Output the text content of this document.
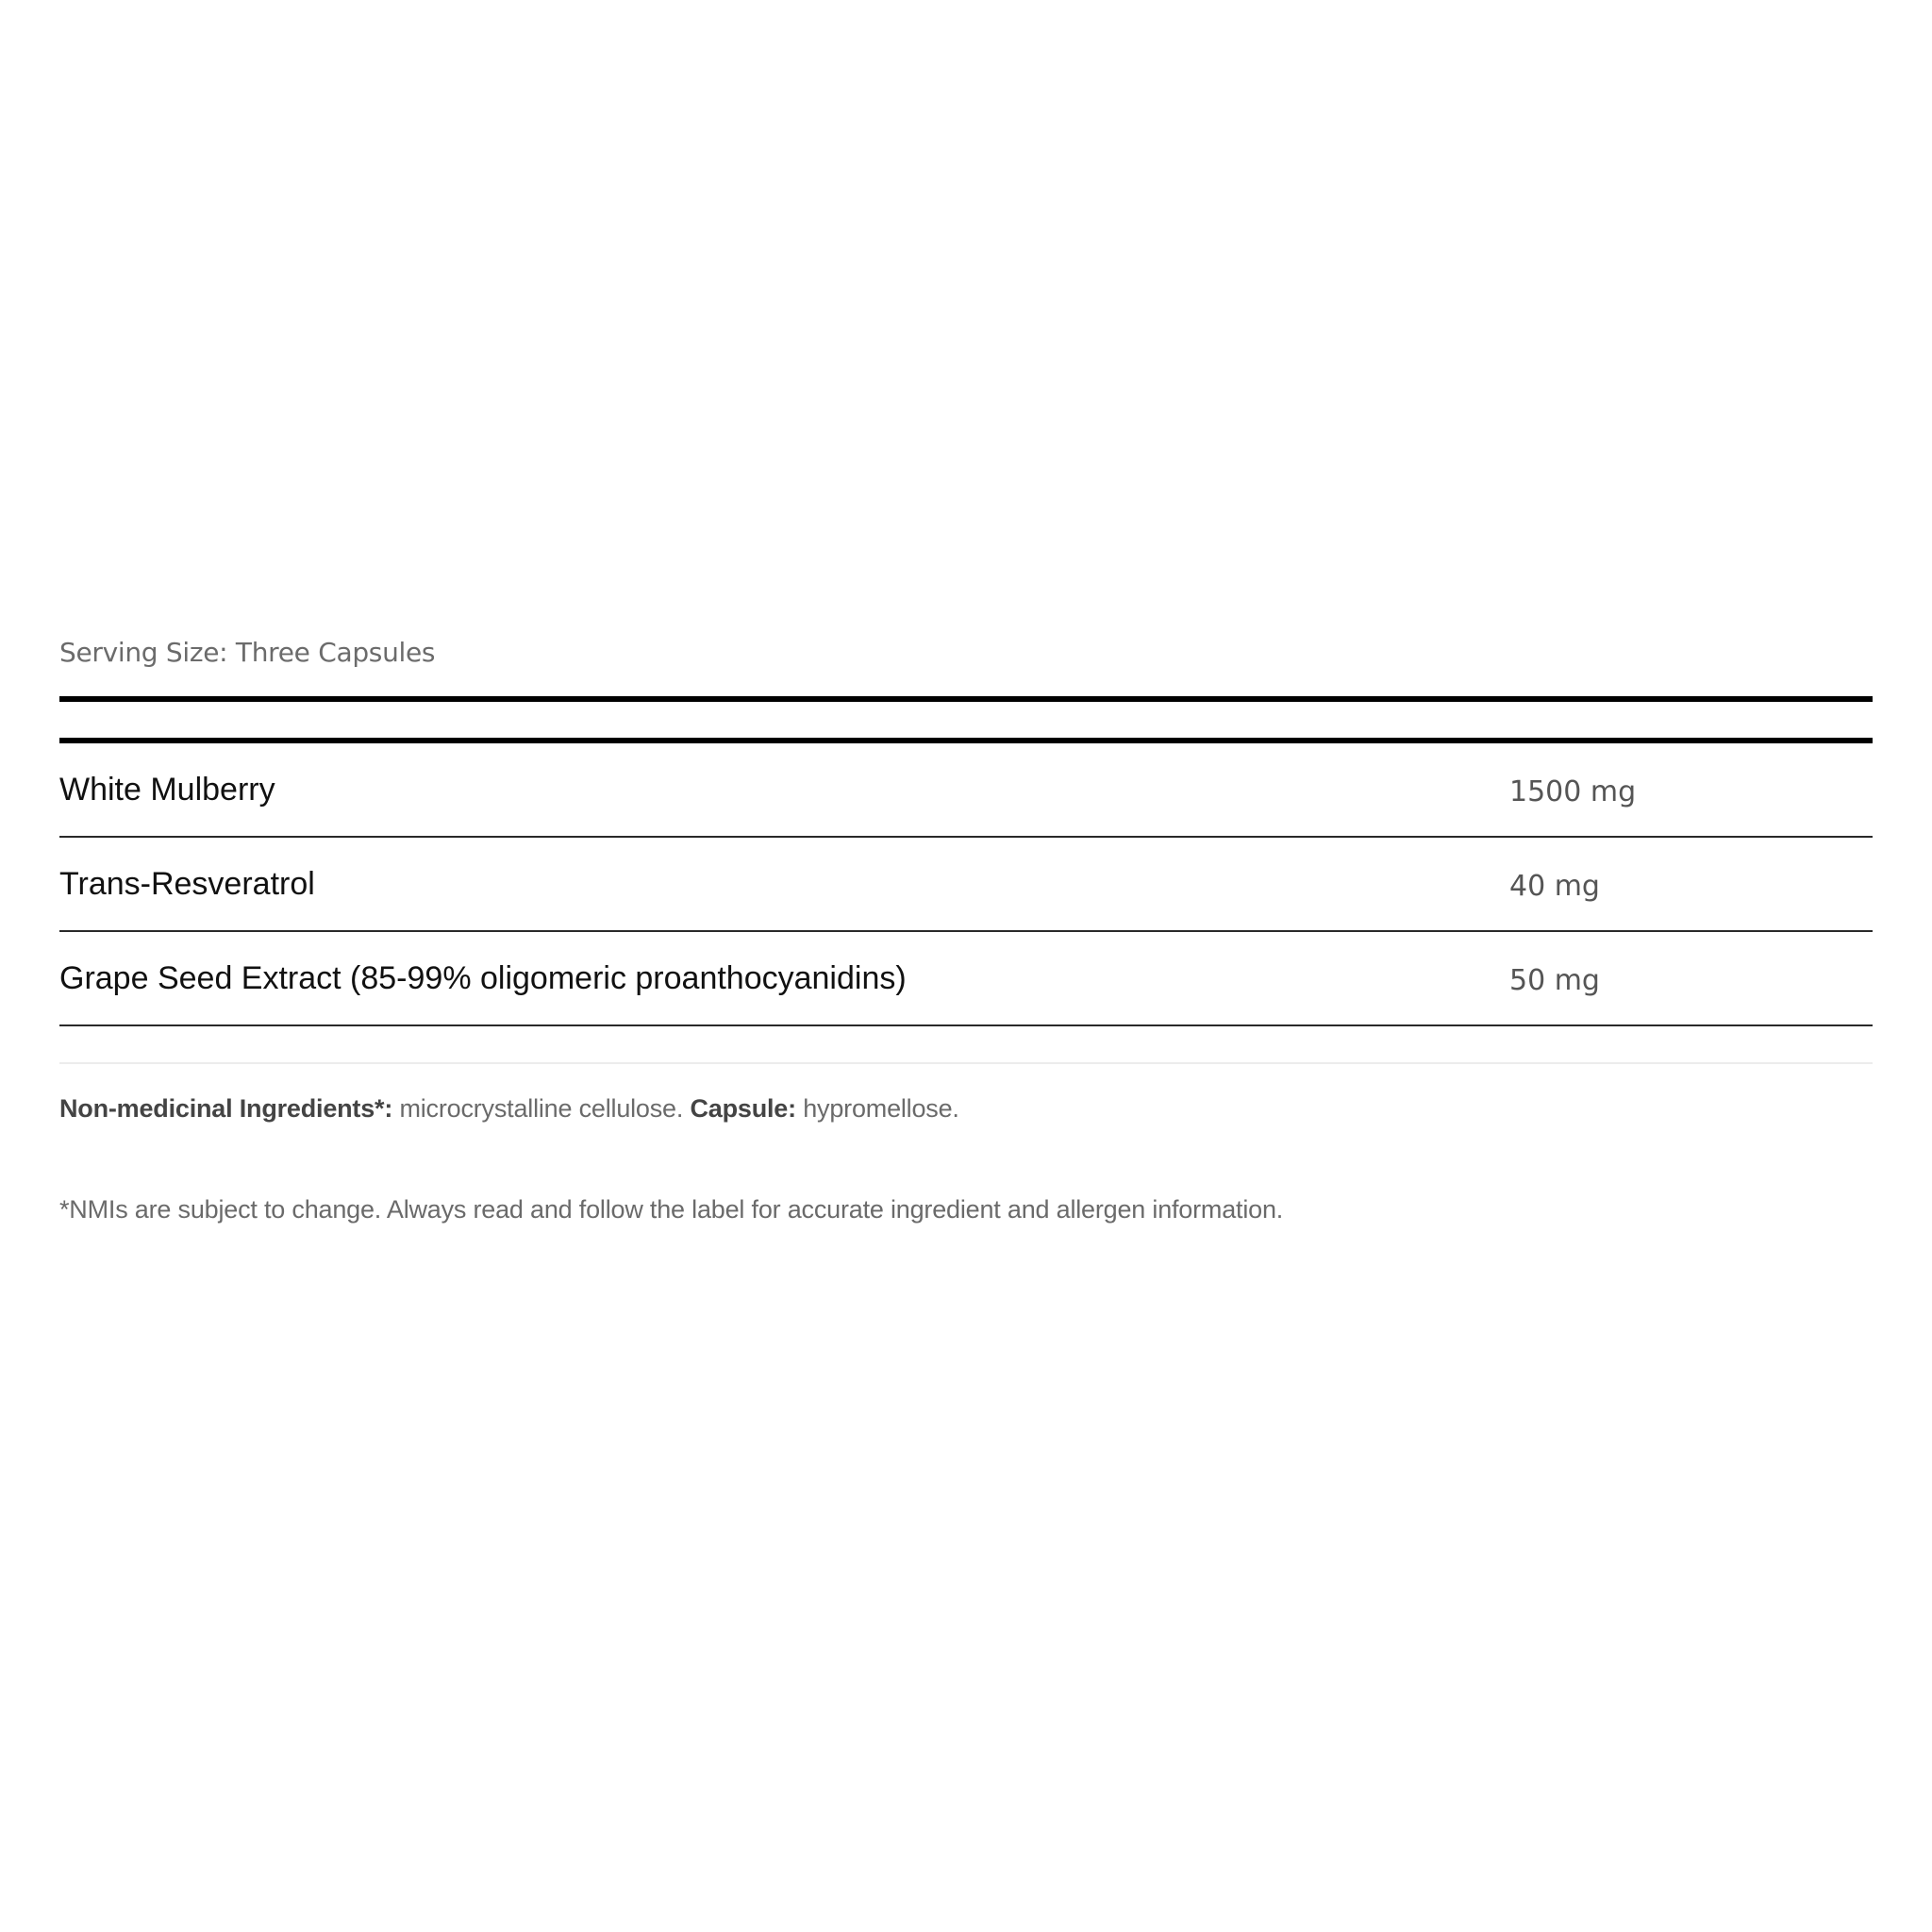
Serving Size: Three Capsules
White Mulberry	1500 mg
Trans-Resveratrol	40 mg
Grape Seed Extract (85-99% oligomeric proanthocyanidins)	50 mg
Non-medicinal Ingredients*: microcrystalline cellulose. Capsule: hypromellose.
*NMIs are subject to change. Always read and follow the label for accurate ingredient and allergen information.
